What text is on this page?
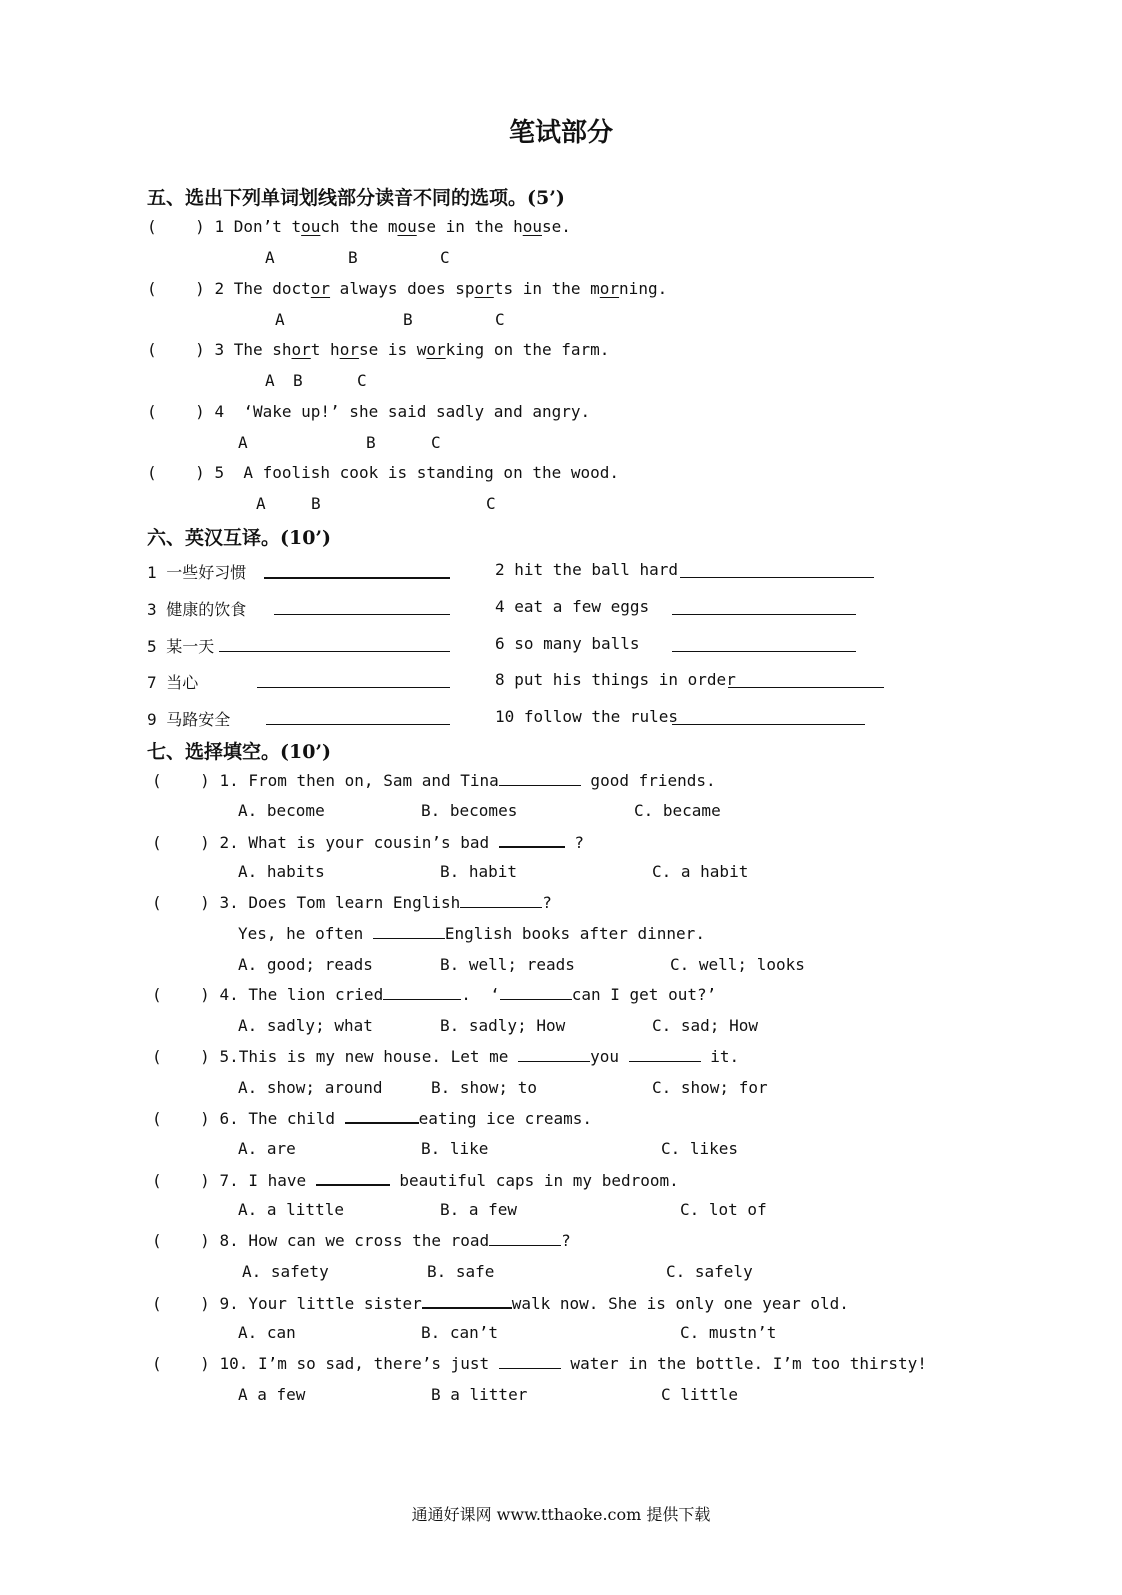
笔试部分
五、选出下列单词划线部分读音不同的选项。(5’)
(    ) 1 Don’t touch the mouse in the house.
A	B	C
(    ) 2 The doctor always does sports in the morning.
A	B	C
(    ) 3 The short horse is working on the farm.
A B	C
(    ) 4 ‘Wake up!’ she said sadly and angry.
A	B	C
(    ) 5 A foolish cook is standing on the wood.
A	B	C
六、英汉互译。(10’)
1 一些好习惯	2 hit the ball hard
3 健康的饮食	4 eat a few eggs
5 某一天	6 so many balls
7 当心	8 put his things in order
9 马路安全	10 follow the rules
七、选择填空。(10’)
(    ) 1. From then on, Sam and Tina	good friends.
A. become	B. becomes	C. became
(    ) 2. What is your cousin’s bad	?
A. habits	B. habit	C. a habit
(    ) 3. Does Tom learn English	?
Yes, he often	English books after dinner.
A. good; reads	B. well; reads	C. well; looks
(    ) 4. The lion cried	.  ‘	can I get out?’
A. sadly; what	B. sadly; How	C. sad; How
(    ) 5.This is my new house. Let me	you	it.
A. show; around	B. show; to	C. show; for
(    ) 6. The child	eating ice creams.
A. are	B. like	C. likes
(    ) 7. I have	beautiful caps in my bedroom.
A. a little	B. a few	C. lot of
(    ) 8. How can we cross the road	?
A. safety	B. safe	C. safely
(    ) 9. Your little sister	walk now. She is only one year old.
A. can	B. can’t	C. mustn’t
(    ) 10. I’m so sad, there’s just	water in the bottle. I’m too thirsty!
A a few	B a litter	C little
通通好课网 www.tthaoke.com 提供下载
